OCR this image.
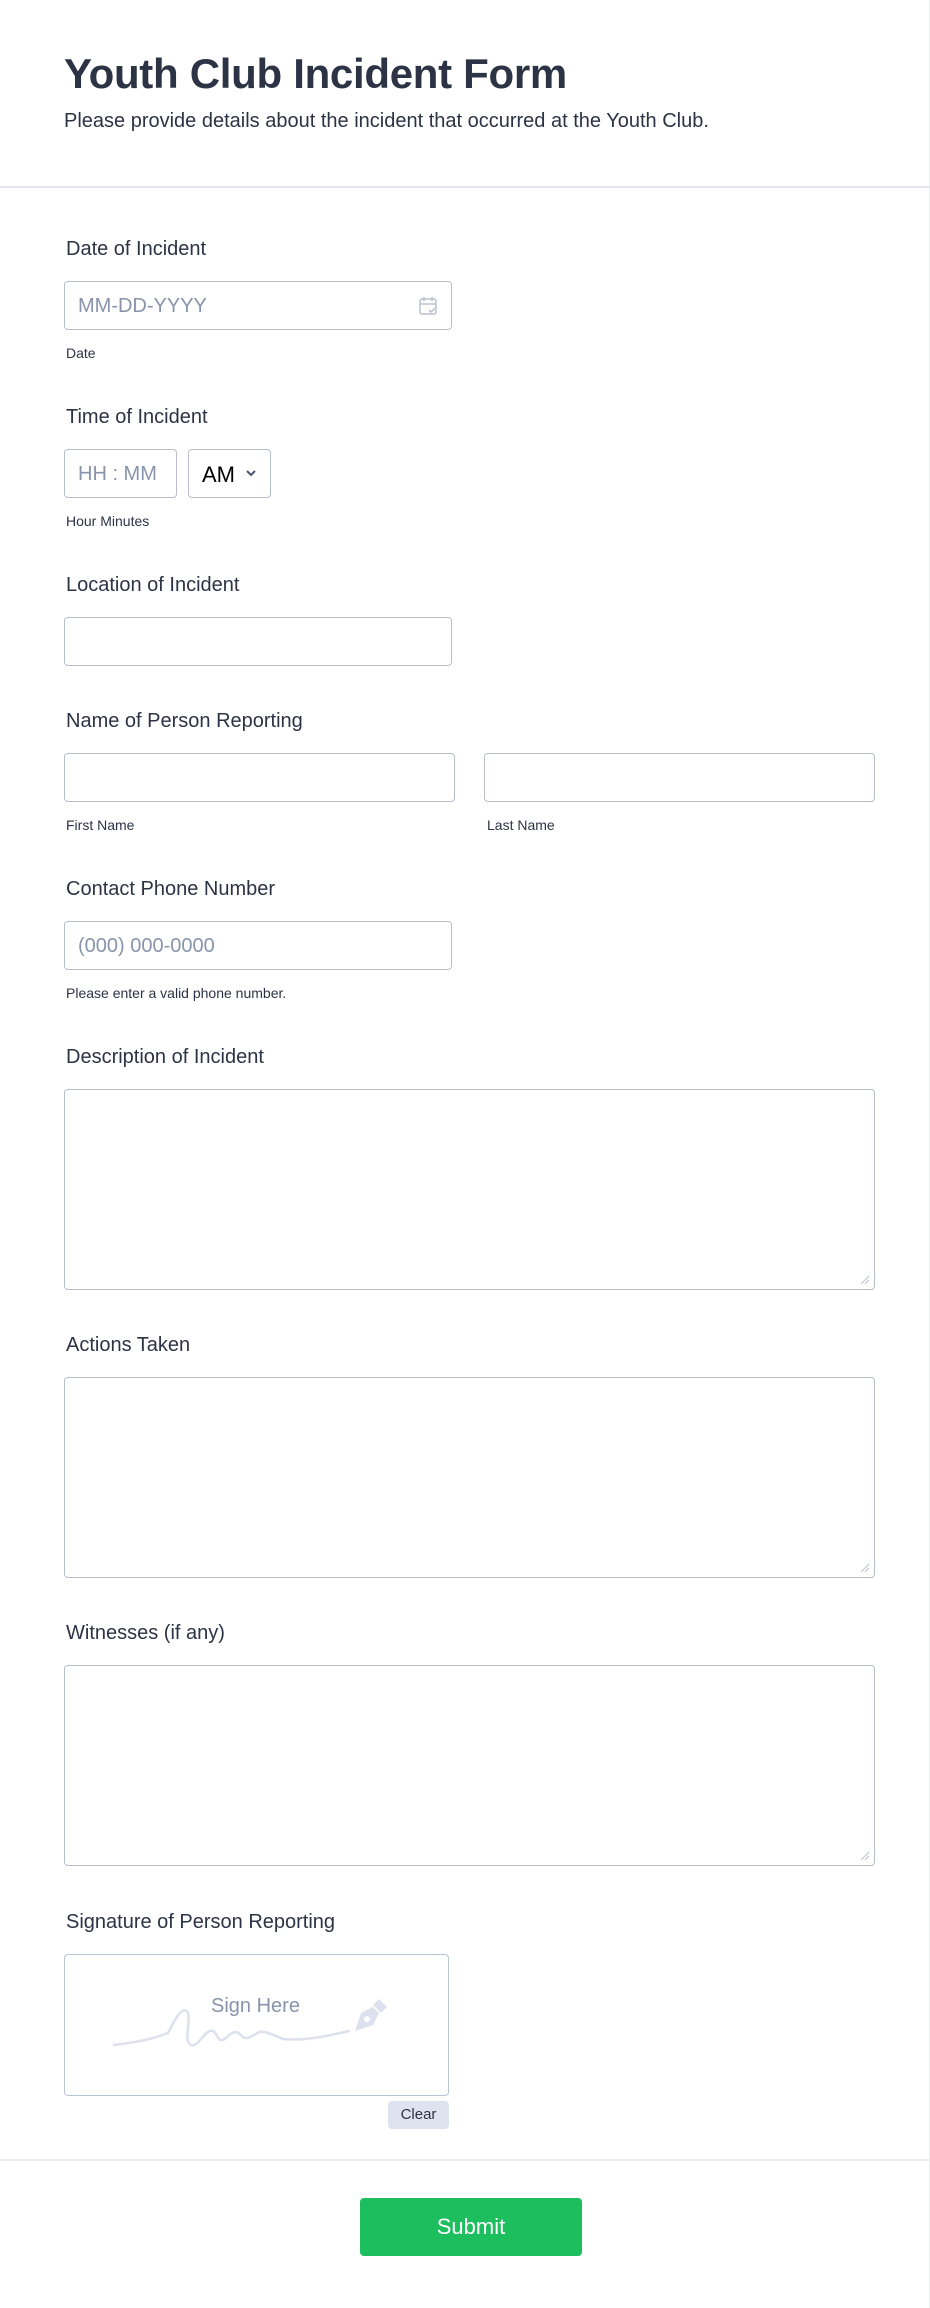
Youth Club Incident Form
Please provide details about the incident that occurred at the Youth Club.
Date of Incident
MM-DD-YYYY
Date
Time of Incident
HH : MM AM
Hour Minutes
Location of Incident
Name of Person Reporting
First Name	Last Name
Contact Phone Number
(000) 000-0000
Please enter a valid phone number.
Description of Incident
Actions Taken
Witnesses (if any)
Signature of Person Reporting
Sign Here
Clear
Submit
